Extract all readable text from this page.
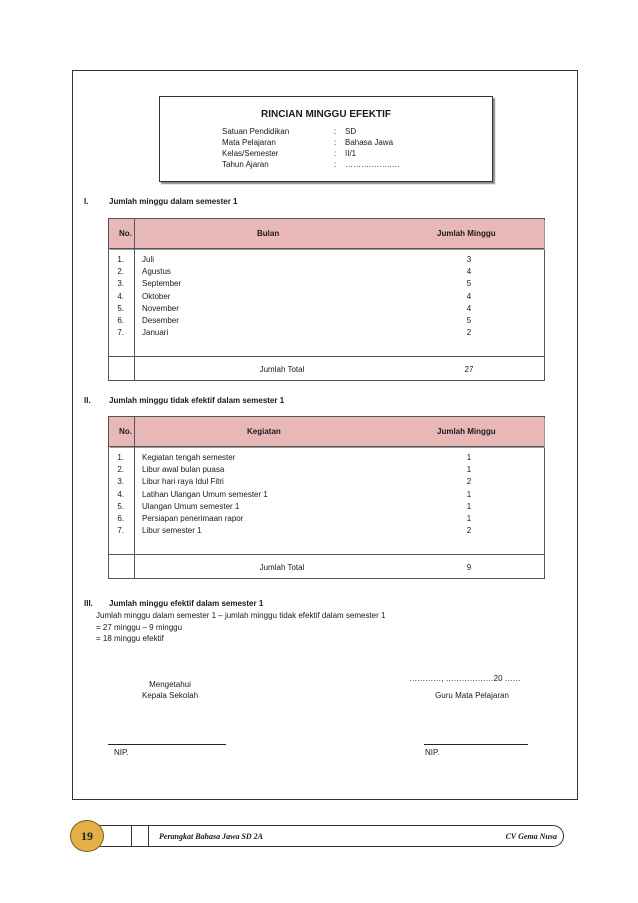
RINCIAN MINGGU EFEKTIF
Satuan Pendidikan	: SD
Mata Pelajaran	: Bahasa Jawa
Kelas/Semester	: II/1
Tahun Ajaran	: ……….……..…
I.	Jumlah minggu dalam semester 1
No.	Bulan	Jumlah Minggu
1. Juli	3
2. Agustus	4
3. September	5
4. Oktober	4
5. November	4
6. Desember	5
7. Januari	2
Jumlah Total	27
II. Jumlah minggu tidak efektif dalam semester 1
No.	Kegiatan	Jumlah Minggu
1. Kegiatan tengah semester	1
2. Libur awal bulan puasa	1
3. Libur hari raya Idul Fitri	2
4. Latihan Ulangan Umum semester 1	1
5. Ulangan Umum semester 1	1
6. Persiapan penerimaan rapor	1
7. Libur semester 1	2
Jumlah Total	9
III. Jumlah minggu efektif dalam semester 1
Jumlah minggu dalam semester 1 – jumlah minggu tidak efektif dalam semester 1
= 27 minggu – 9 minggu
= 18 minggu efektif
…………, ………………20 ……
Mengetahui
Kepala Sekolah	Guru Mata Pelajaran
NIP.	NIP.
Perangkat Bahasa Jawa SD 2A	CV Gema Nusa
19
